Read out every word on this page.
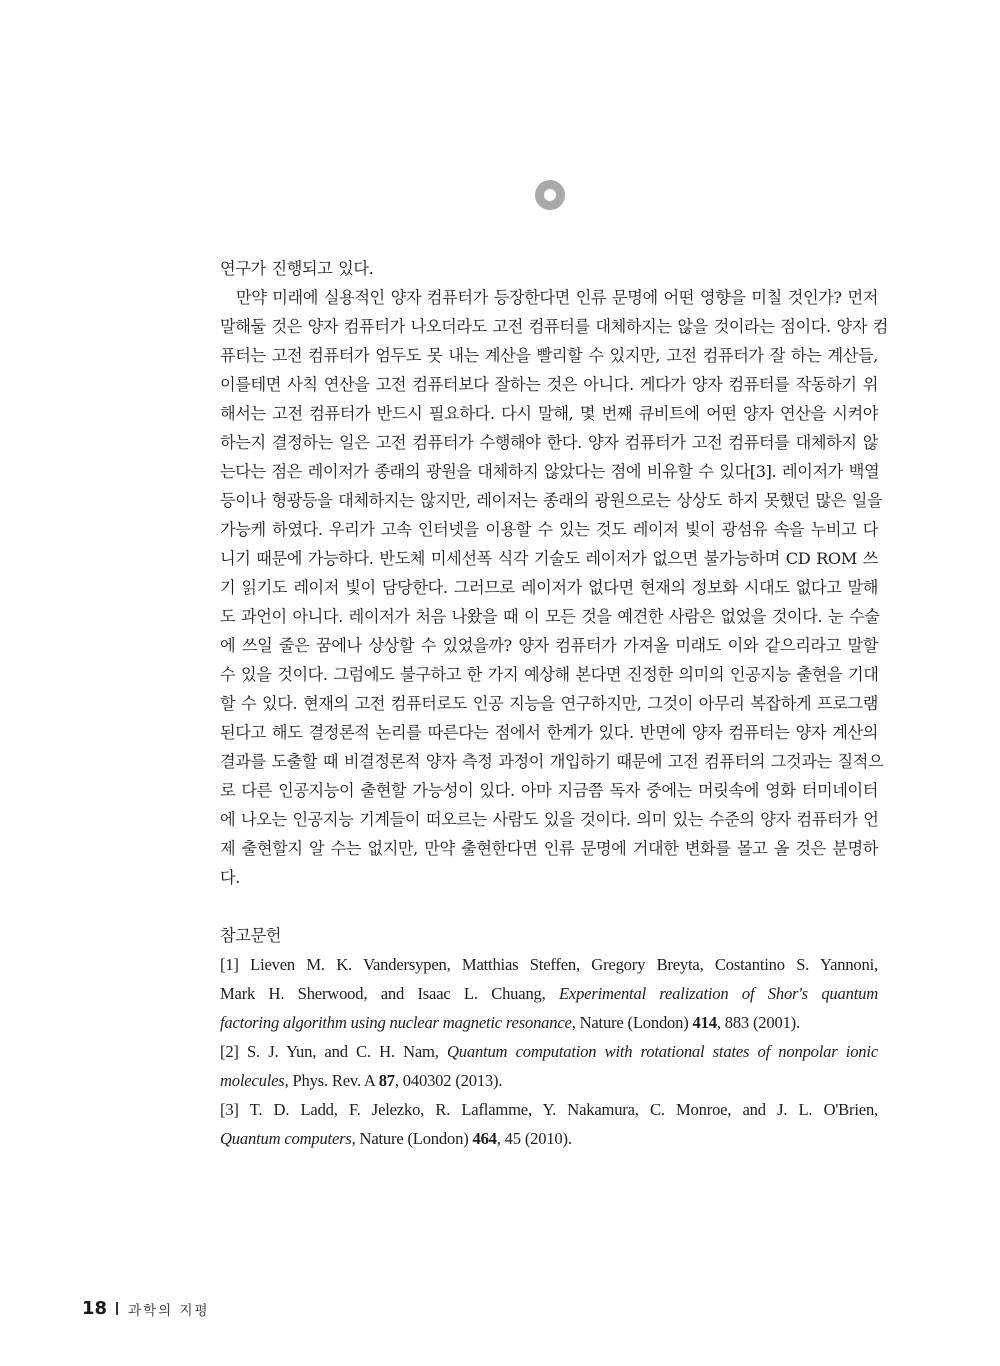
연구가 진행되고 있다.
만약 미래에 실용적인 양자 컴퓨터가 등장한다면 인류 문명에 어떤 영향을 미칠 것인가? 먼저
말해둘 것은 양자 컴퓨터가 나오더라도 고전 컴퓨터를 대체하지는 않을 것이라는 점이다. 양자 컴
퓨터는 고전 컴퓨터가 엄두도 못 내는 계산을 빨리할 수 있지만, 고전 컴퓨터가 잘 하는 계산들,
이를테면 사칙 연산을 고전 컴퓨터보다 잘하는 것은 아니다. 게다가 양자 컴퓨터를 작동하기 위
해서는 고전 컴퓨터가 반드시 필요하다. 다시 말해, 몇 번째 큐비트에 어떤 양자 연산을 시켜야
하는지 결정하는 일은 고전 컴퓨터가 수행해야 한다. 양자 컴퓨터가 고전 컴퓨터를 대체하지 않
는다는 점은 레이저가 종래의 광원을 대체하지 않았다는 점에 비유할 수 있다[3]. 레이저가 백열
등이나 형광등을 대체하지는 않지만, 레이저는 종래의 광원으로는 상상도 하지 못했던 많은 일을
가능케 하였다. 우리가 고속 인터넷을 이용할 수 있는 것도 레이저 빛이 광섬유 속을 누비고 다
니기 때문에 가능하다. 반도체 미세선폭 식각 기술도 레이저가 없으면 불가능하며 CD ROM 쓰
기 읽기도 레이저 빛이 담당한다. 그러므로 레이저가 없다면 현재의 정보화 시대도 없다고 말해
도 과언이 아니다. 레이저가 처음 나왔을 때 이 모든 것을 예견한 사람은 없었을 것이다. 눈 수술
에 쓰일 줄은 꿈에나 상상할 수 있었을까? 양자 컴퓨터가 가져올 미래도 이와 같으리라고 말할
수 있을 것이다. 그럼에도 불구하고 한 가지 예상해 본다면 진정한 의미의 인공지능 출현을 기대
할 수 있다. 현재의 고전 컴퓨터로도 인공 지능을 연구하지만, 그것이 아무리 복잡하게 프로그램
된다고 해도 결정론적 논리를 따른다는 점에서 한계가 있다. 반면에 양자 컴퓨터는 양자 계산의
결과를 도출할 때 비결정론적 양자 측정 과정이 개입하기 때문에 고전 컴퓨터의 그것과는 질적으
로 다른 인공지능이 출현할 가능성이 있다. 아마 지금쯤 독자 중에는 머릿속에 영화 터미네이터
에 나오는 인공지능 기계들이 떠오르는 사람도 있을 것이다. 의미 있는 수준의 양자 컴퓨터가 언
제 출현할지 알 수는 없지만, 만약 출현한다면 인류 문명에 거대한 변화를 몰고 올 것은 분명하
다.
참고문헌
[1] Lieven M. K. Vandersypen, Matthias Steffen, Gregory Breyta, Costantino S. Yannoni,
Mark H. Sherwood, and Isaac L. Chuang, Experimental realization of Shor's quantum
factoring algorithm using nuclear magnetic resonance, Nature (London) 414, 883 (2001).
[2] S. J. Yun, and C. H. Nam, Quantum computation with rotational states of nonpolar ionic
molecules, Phys. Rev. A 87, 040302 (2013).
[3] T. D. Ladd, F. Jelezko, R. Laflamme, Y. Nakamura, C. Monroe, and J. L. O'Brien,
Quantum computers, Nature (London) 464, 45 (2010).
18 과학의 지평
